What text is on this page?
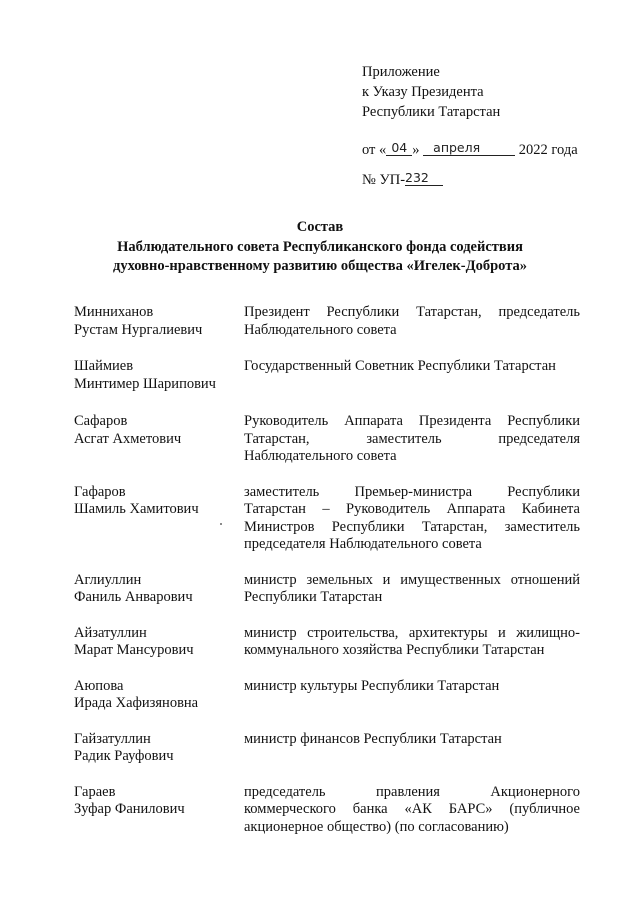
Приложение
к Указу Президента
Республики Татарстан
от « 04 » апреля	2022 года
№ УП-232
Состав
Наблюдательного совета Республиканского фонда содействия
духовно-нравственному развитию общества «Игелек-Доброта»
Минниханов
Рустам Нургалиевич
Президент Республики Татарстан, председатель Наблюдательного совета
Шаймиев
Минтимер Шарипович
Государственный Советник Республики Татарстан
Сафаров
Асгат Ахметович
Руководитель Аппарата Президента Республики Татарстан, заместитель председателя Наблюдательного совета
Гафаров
Шамиль Хамитович
заместитель Премьер-министра Республики Татарстан – Руководитель Аппарата Кабинета Министров Республики Татарстан, заместитель председателя Наблюдательного совета
Аглиуллин
Фаниль Анварович
министр земельных и имущественных отношений Республики Татарстан
Айзатуллин
Марат Мансурович
министр строительства, архитектуры и жилищно-коммунального хозяйства Республики Татарстан
Аюпова
Ирада Хафизяновна
министр культуры Республики Татарстан
Гайзатуллин
Радик Рауфович
министр финансов Республики Татарстан
Гараев
Зуфар Фанилович
председатель правления Акционерного коммерческого банка «АК БАРС» (публичное акционерное общество) (по согласованию)
